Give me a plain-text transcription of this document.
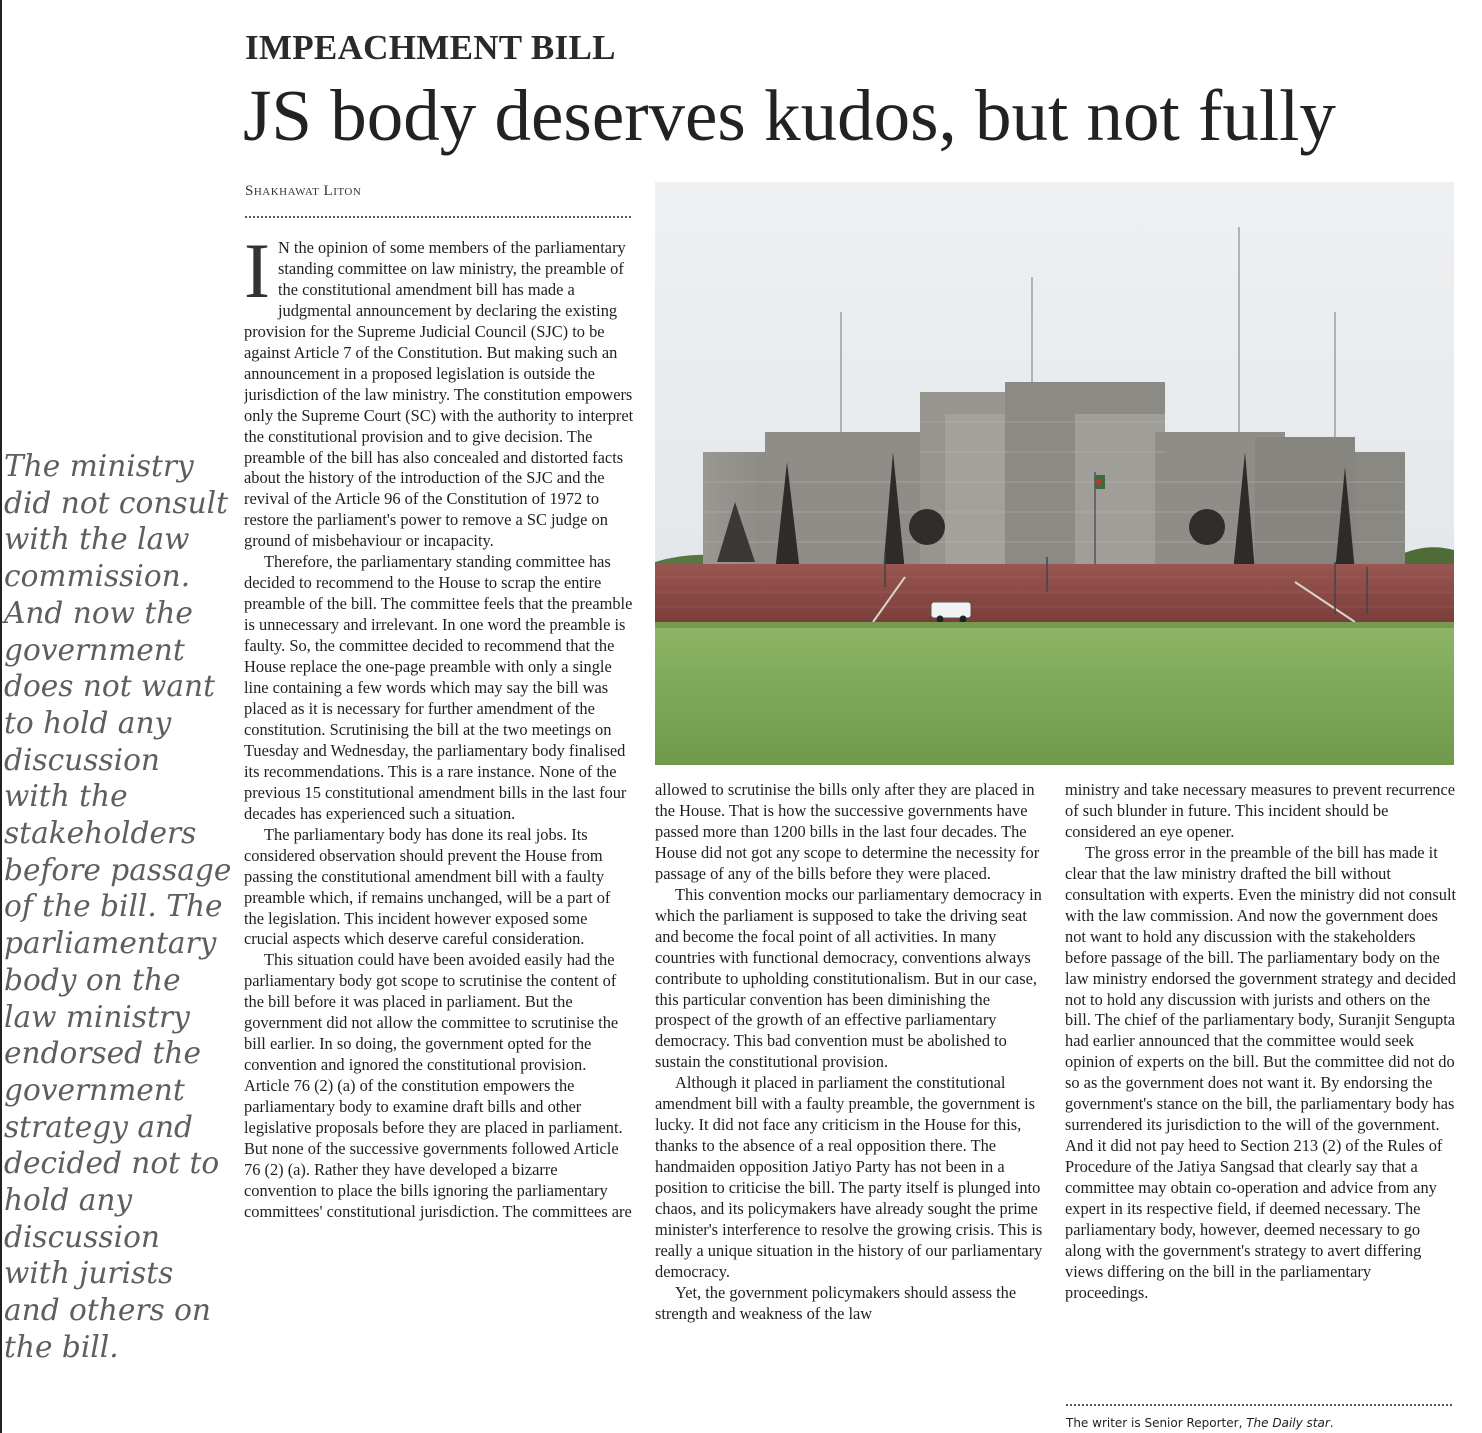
IMPEACHMENT BILL
JS body deserves kudos, but not fully
Shakhawat Liton
The ministry did not consult with the law commission. And now the government does not want to hold any discussion with the stakeholders before passage of the bill. The parliamentary body on the law ministry endorsed the government strategy and decided not to hold any discussion with jurists and others on the bill.

I N the opinion of some members of the parliamentary standing committee on law ministry, the preamble of the constitutional amendment bill has made a judgmental announcement by declaring the existing provision for the Supreme Judicial Council (SJC) to be against Article 7 of the Constitution. But making such an announcement in a proposed legislation is outside the jurisdiction of the law ministry. The constitution empowers only the Supreme Court (SC) with the authority to interpret the constitutional provision and to give decision. The preamble of the bill has also concealed and distorted facts about the history of the introduction of the SJC and the revival of the Article 96 of the Constitution of 1972 to restore the parliament's power to remove a SC judge on ground of misbehaviour or incapacity.

Therefore, the parliamentary standing committee has decided to recommend to the House to scrap the entire preamble of the bill. The committee feels that the preamble is unnecessary and irrelevant. In one word the preamble is faulty. So, the committee decided to recommend that the House replace the one-page preamble with only a single line containing a few words which may say the bill was placed as it is necessary for further amendment of the constitution. Scrutinising the bill at the two meetings on Tuesday and Wednesday, the parliamentary body finalised its recommendations. This is a rare instance. None of the previous 15 constitutional amendment bills in the last four decades has experienced such a situation.

The parliamentary body has done its real jobs. Its considered observation should prevent the House from passing the constitutional amendment bill with a faulty preamble which, if remains unchanged, will be a part of the legislation. This incident however exposed some crucial aspects which deserve careful consideration.

This situation could have been avoided easily had the parliamentary body got scope to scrutinise the content of the bill before it was placed in parliament. But the government did not allow the committee to scrutinise the bill earlier. In so doing, the government opted for the convention and ignored the constitutional provision. Article 76 (2) (a) of the constitution empowers the parliamentary body to examine draft bills and other legislative proposals before they are placed in parliament. But none of the successive governments followed Article 76 (2) (a). Rather they have developed a bizarre convention to place the bills ignoring the parliamentary committees' constitutional jurisdiction. The committees are

allowed to scrutinise the bills only after they are placed in the House. That is how the successive governments have passed more than 1200 bills in the last four decades. The House did not got any scope to determine the necessity for passage of any of the bills before they were placed.

This convention mocks our parliamentary democracy in which the parliament is supposed to take the driving seat and become the focal point of all activities. In many countries with functional democracy, conventions always contribute to upholding constitutionalism. But in our case, this particular convention has been diminishing the prospect of the growth of an effective parliamentary democracy. This bad convention must be abolished to sustain the constitutional provision.

Although it placed in parliament the constitutional amendment bill with a faulty preamble, the government is lucky. It did not face any criticism in the House for this, thanks to the absence of a real opposition there. The handmaiden opposition Jatiyo Party has not been in a position to criticise the bill. The party itself is plunged into chaos, and its policymakers have already sought the prime minister's interference to resolve the growing crisis. This is really a unique situation in the history of our parliamentary democracy.

Yet, the government policymakers should assess the strength and weakness of the law

ministry and take necessary measures to prevent recurrence of such blunder in future. This incident should be considered an eye opener.

The gross error in the preamble of the bill has made it clear that the law ministry drafted the bill without consultation with experts. Even the ministry did not consult with the law commission. And now the government does not want to hold any discussion with the stakeholders before passage of the bill. The parliamentary body on the law ministry endorsed the government strategy and decided not to hold any discussion with jurists and others on the bill. The chief of the parliamentary body, Suranjit Sengupta had earlier announced that the committee would seek opinion of experts on the bill. But the committee did not do so as the government does not want it. By endorsing the government's stance on the bill, the parliamentary body has surrendered its jurisdiction to the will of the government. And it did not pay heed to Section 213 (2) of the Rules of Procedure of the Jatiya Sangsad that clearly say that a committee may obtain co-operation and advice from any expert in its respective field, if deemed necessary. The parliamentary body, however, deemed necessary to go along with the government's strategy to avert differing views differing on the bill in the parliamentary proceedings.

The writer is Senior Reporter, The Daily star.
